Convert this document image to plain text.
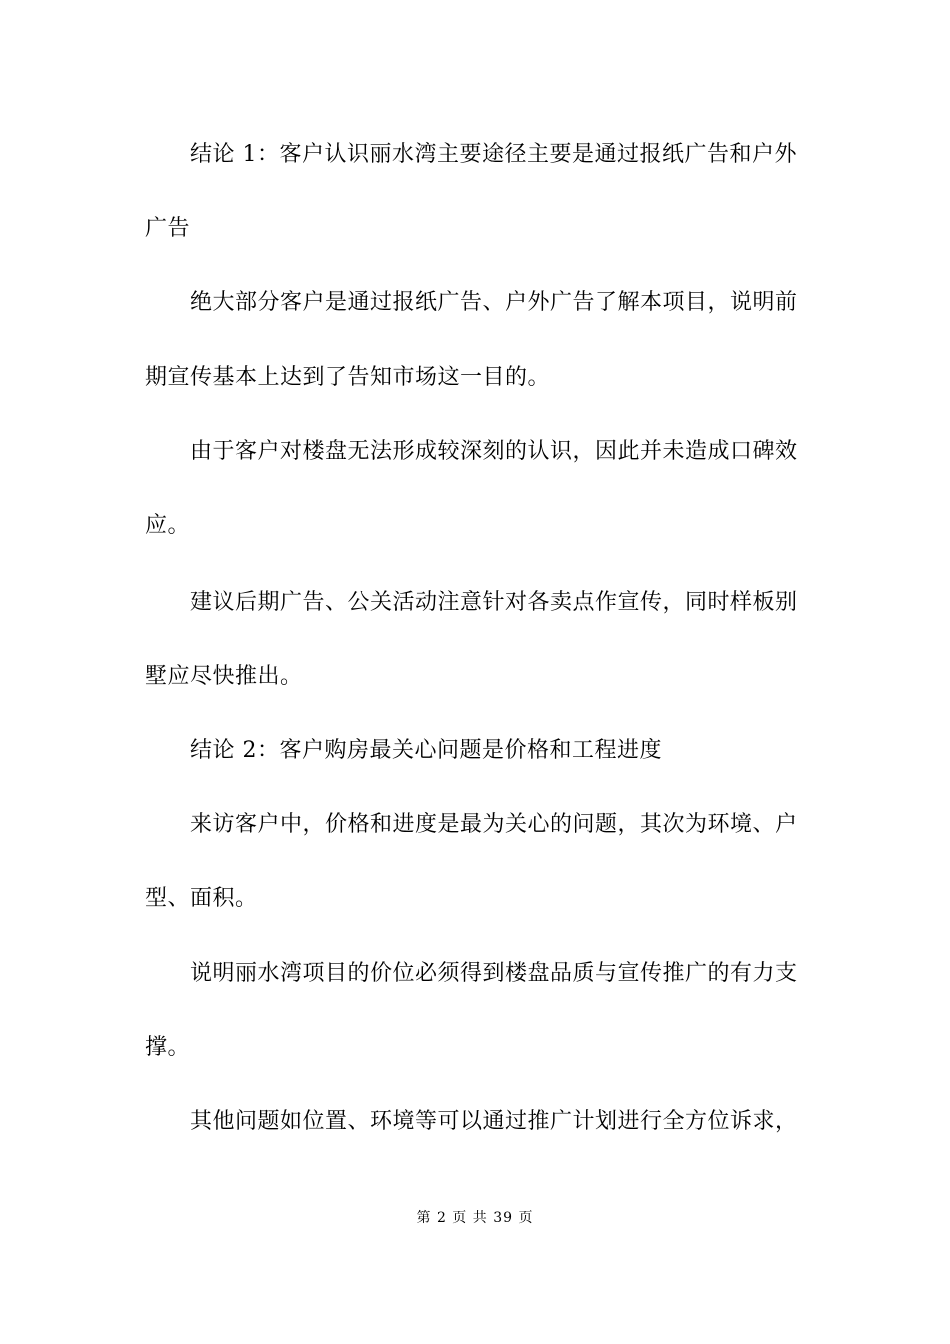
结论 1：客户认识丽水湾主要途径主要是通过报纸广告和户外
广告
绝大部分客户是通过报纸广告、户外广告了解本项目，说明前
期宣传基本上达到了告知市场这一目的。
由于客户对楼盘无法形成较深刻的认识，因此并未造成口碑效
应。
建议后期广告、公关活动注意针对各卖点作宣传，同时样板别
墅应尽快推出。
结论 2：客户购房最关心问题是价格和工程进度
来访客户中，价格和进度是最为关心的问题，其次为环境、户
型、面积。
说明丽水湾项目的价位必须得到楼盘品质与宣传推广的有力支
撑。
其他问题如位置、环境等可以通过推广计划进行全方位诉求，
第 2 页 共 39 页
